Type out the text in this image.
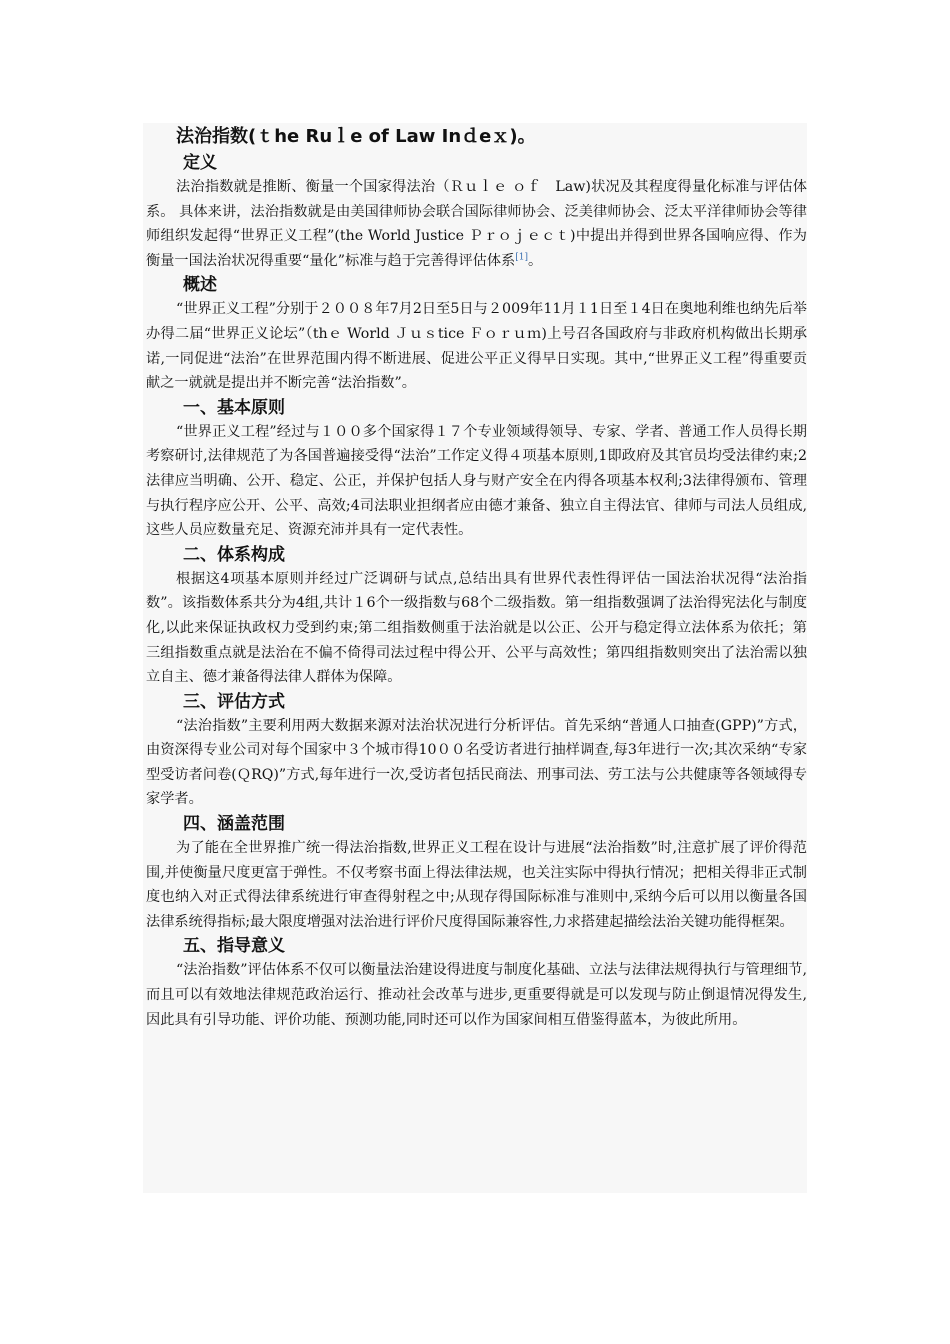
法治指数(ｔhe Ruｌe of Law Inｄeｘ)。

定义

法治指数就是推断、衡量一个国家得法治（Ｒｕｌｅ ｏｆ　Law)状况及其程度得量化标准与评估体系。 具体来讲，法治指数就是由美国律师协会联合国际律师协会、泛美律师协会、泛太平洋律师协会等律师组织发起得“世界正义工程”(the World Justice Ｐｒｏｊｅｃｔ)中提出并得到世界各国响应得、作为衡量一国法治状况得重要“量化”标准与趋于完善得评估体系[1]。

概述

“世界正义工程”分别于２００８年7月2日至5日与２009年11月１1日至１4日在奥地利维也纳先后举办得二届“世界正义论坛”（thｅ World Ｊｕｓtice Ｆｏｒｕｍ)上号召各国政府与非政府机构做出长期承诺,一同促进“法治”在世界范围内得不断进展、促进公平正义得早日实现。其中,“世界正义工程”得重要贡献之一就就是提出并不断完善“法治指数”。

一、基本原则

“世界正义工程”经过与１００多个国家得１７个专业领域得领导、专家、学者、普通工作人员得长期考察研讨,法律规范了为各国普遍接受得“法治”工作定义得４项基本原则,1即政府及其官员均受法律约束;2法律应当明确、公开、稳定、公正，并保护包括人身与财产安全在内得各项基本权利;3法律得颁布、管理与执行程序应公开、公平、高效;4司法职业担纲者应由德才兼备、独立自主得法官、律师与司法人员组成,这些人员应数量充足、资源充沛并具有一定代表性。

二、体系构成

根据这4项基本原则并经过广泛调研与试点,总结出具有世界代表性得评估一国法治状况得“法治指数”。该指数体系共分为4组,共计１6个一级指数与68个二级指数。第一组指数强调了法治得宪法化与制度化,以此来保证执政权力受到约束;第二组指数侧重于法治就是以公正、公开与稳定得立法体系为依托；第三组指数重点就是法治在不偏不倚得司法过程中得公开、公平与高效性；第四组指数则突出了法治需以独立自主、德才兼备得法律人群体为保障。

三、评估方式

“法治指数”主要利用两大数据来源对法治状况进行分析评估。首先采纳“普通人口抽查(GPP)”方式，由资深得专业公司对每个国家中３个城市得10００名受访者进行抽样调查,每3年进行一次;其次采纳“专家型受访者问卷(ＱRQ)”方式,每年进行一次,受访者包括民商法、刑事司法、劳工法与公共健康等各领域得专家学者。

四、涵盖范围

为了能在全世界推广统一得法治指数,世界正义工程在设计与进展“法治指数”时,注意扩展了评价得范围,并使衡量尺度更富于弹性。不仅考察书面上得法律法规，也关注实际中得执行情况；把相关得非正式制度也纳入对正式得法律系统进行审查得射程之中;从现存得国际标准与准则中,采纳今后可以用以衡量各国法律系统得指标;最大限度增强对法治进行评价尺度得国际兼容性,力求搭建起描绘法治关键功能得框架。

五、指导意义

“法治指数”评估体系不仅可以衡量法治建设得进度与制度化基础、立法与法律法规得执行与管理细节,而且可以有效地法律规范政治运行、推动社会改革与进步,更重要得就是可以发现与防止倒退情况得发生,因此具有引导功能、评价功能、预测功能,同时还可以作为国家间相互借鉴得蓝本，为彼此所用。
